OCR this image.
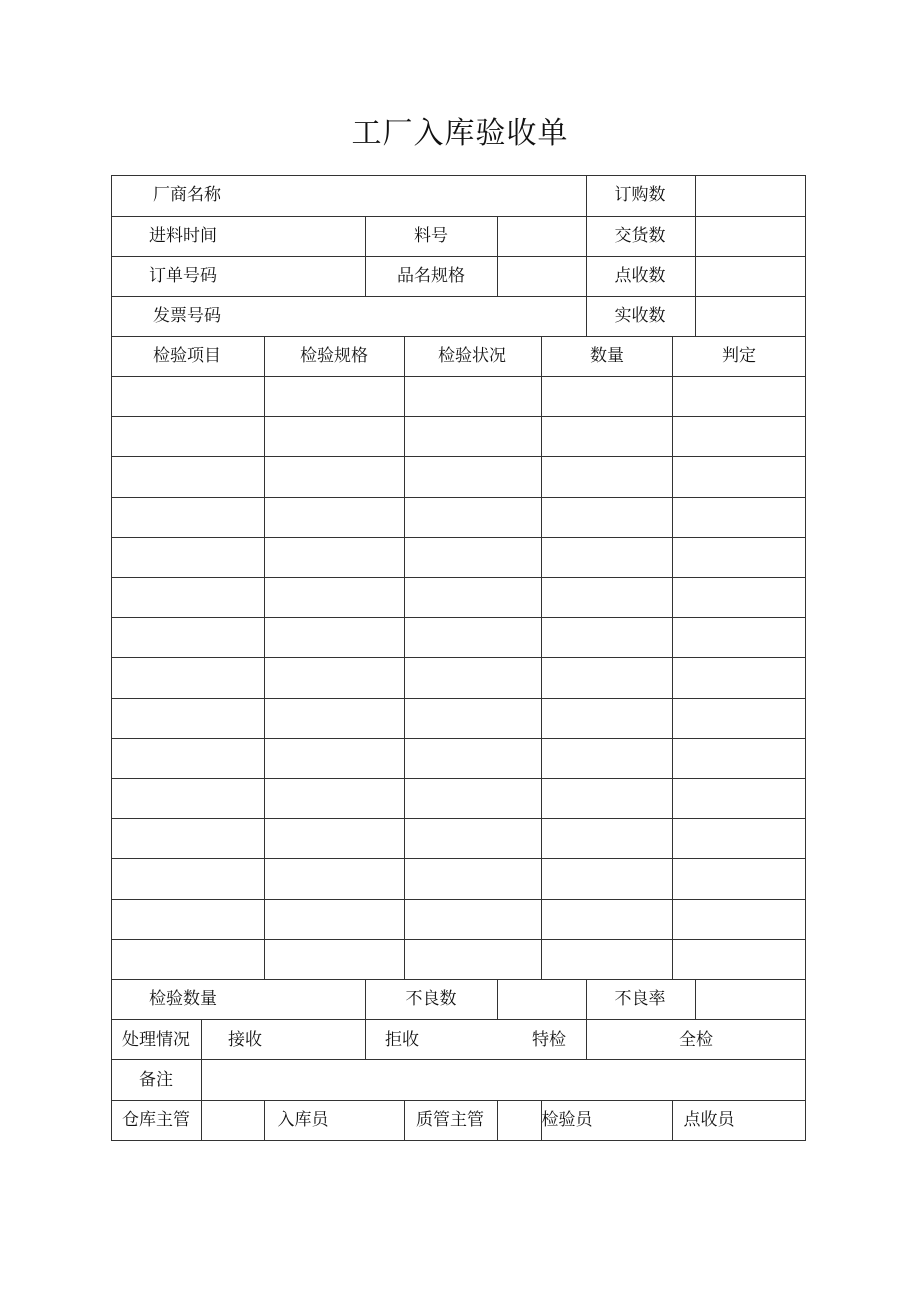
工厂入库验收单
厂商名称	订购数
进料时间	料号	交货数
订单号码	品名规格	点收数
发票号码	实收数
检验项目	检验规格	检验状况	数量	判定
检验数量	不良数	不良率
处理情况 接收	拒收	特检	全检
备注
仓库主管	入库员	质管主管	检验员	点收员
